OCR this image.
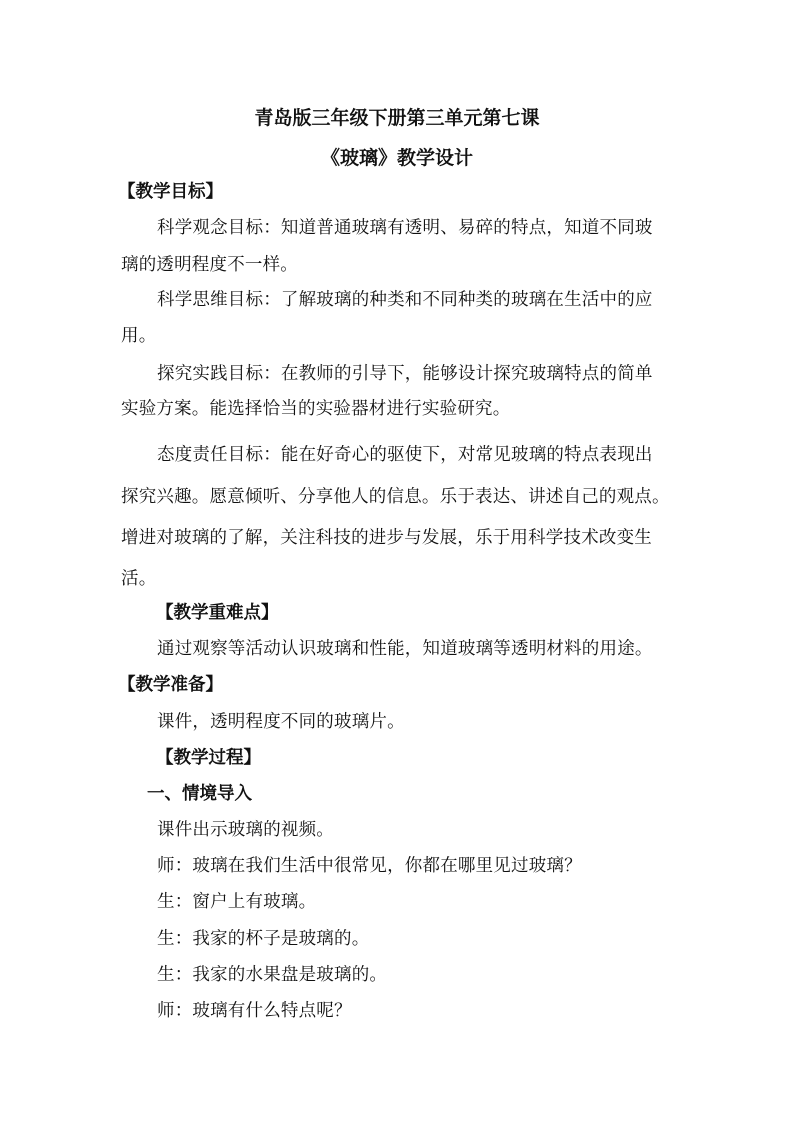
青岛版三年级下册第三单元第七课
《玻璃》教学设计
【教学目标】
科学观念目标：知道普通玻璃有透明、易碎的特点，知道不同玻
璃的透明程度不一样。
科学思维目标：了解玻璃的种类和不同种类的玻璃在生活中的应
用。
探究实践目标：在教师的引导下，能够设计探究玻璃特点的简单
实验方案。能选择恰当的实验器材进行实验研究。
态度责任目标：能在好奇心的驱使下，对常见玻璃的特点表现出
探究兴趣。愿意倾听、分享他人的信息。乐于表达、讲述自己的观点。
增进对玻璃的了解，关注科技的进步与发展，乐于用科学技术改变生
活。
【教学重难点】
通过观察等活动认识玻璃和性能，知道玻璃等透明材料的用途。
【教学准备】
课件，透明程度不同的玻璃片。
【教学过程】
一、情境导入
课件出示玻璃的视频。
师：玻璃在我们生活中很常见，你都在哪里见过玻璃？
生：窗户上有玻璃。
生：我家的杯子是玻璃的。
生：我家的水果盘是玻璃的。
师：玻璃有什么特点呢？
